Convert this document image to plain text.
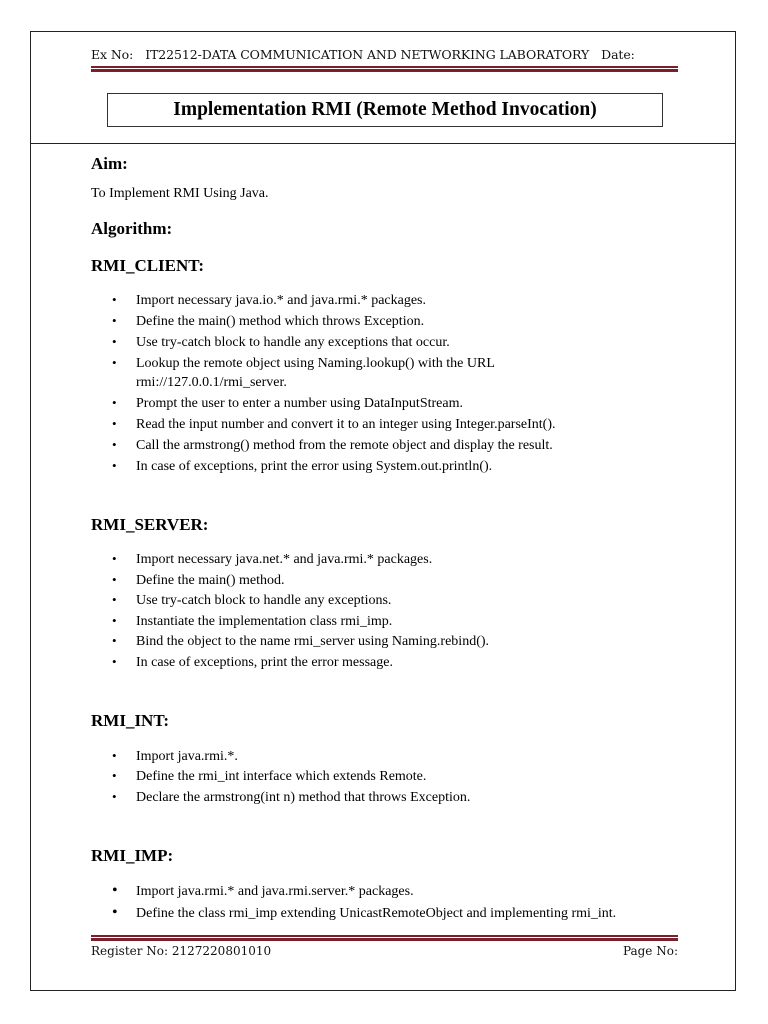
Ex No: IT22512-DATA COMMUNICATION AND NETWORKING LABORATORY Date:
Implementation RMI (Remote Method Invocation)
Aim:
To Implement RMI Using Java.
Algorithm:
RMI_CLIENT:
• Import necessary java.io.* and java.rmi.* packages.
• Define the main() method which throws Exception.
• Use try-catch block to handle any exceptions that occur.
• Lookup the remote object using Naming.lookup() with the URL
rmi://127.0.0.1/rmi_server.
• Prompt the user to enter a number using DataInputStream.
• Read the input number and convert it to an integer using Integer.parseInt().
• Call the armstrong() method from the remote object and display the result.
• In case of exceptions, print the error using System.out.println().
RMI_SERVER:
• Import necessary java.net.* and java.rmi.* packages.
• Define the main() method.
• Use try-catch block to handle any exceptions.
• Instantiate the implementation class rmi_imp.
• Bind the object to the name rmi_server using Naming.rebind().
• In case of exceptions, print the error message.
RMI_INT:
• Import java.rmi.*.
• Define the rmi_int interface which extends Remote.
• Declare the armstrong(int n) method that throws Exception.
RMI_IMP:
• Import java.rmi.* and java.rmi.server.* packages.
• Define the class rmi_imp extending UnicastRemoteObject and implementing rmi_int.
Register No: 2127220801010	Page No:
